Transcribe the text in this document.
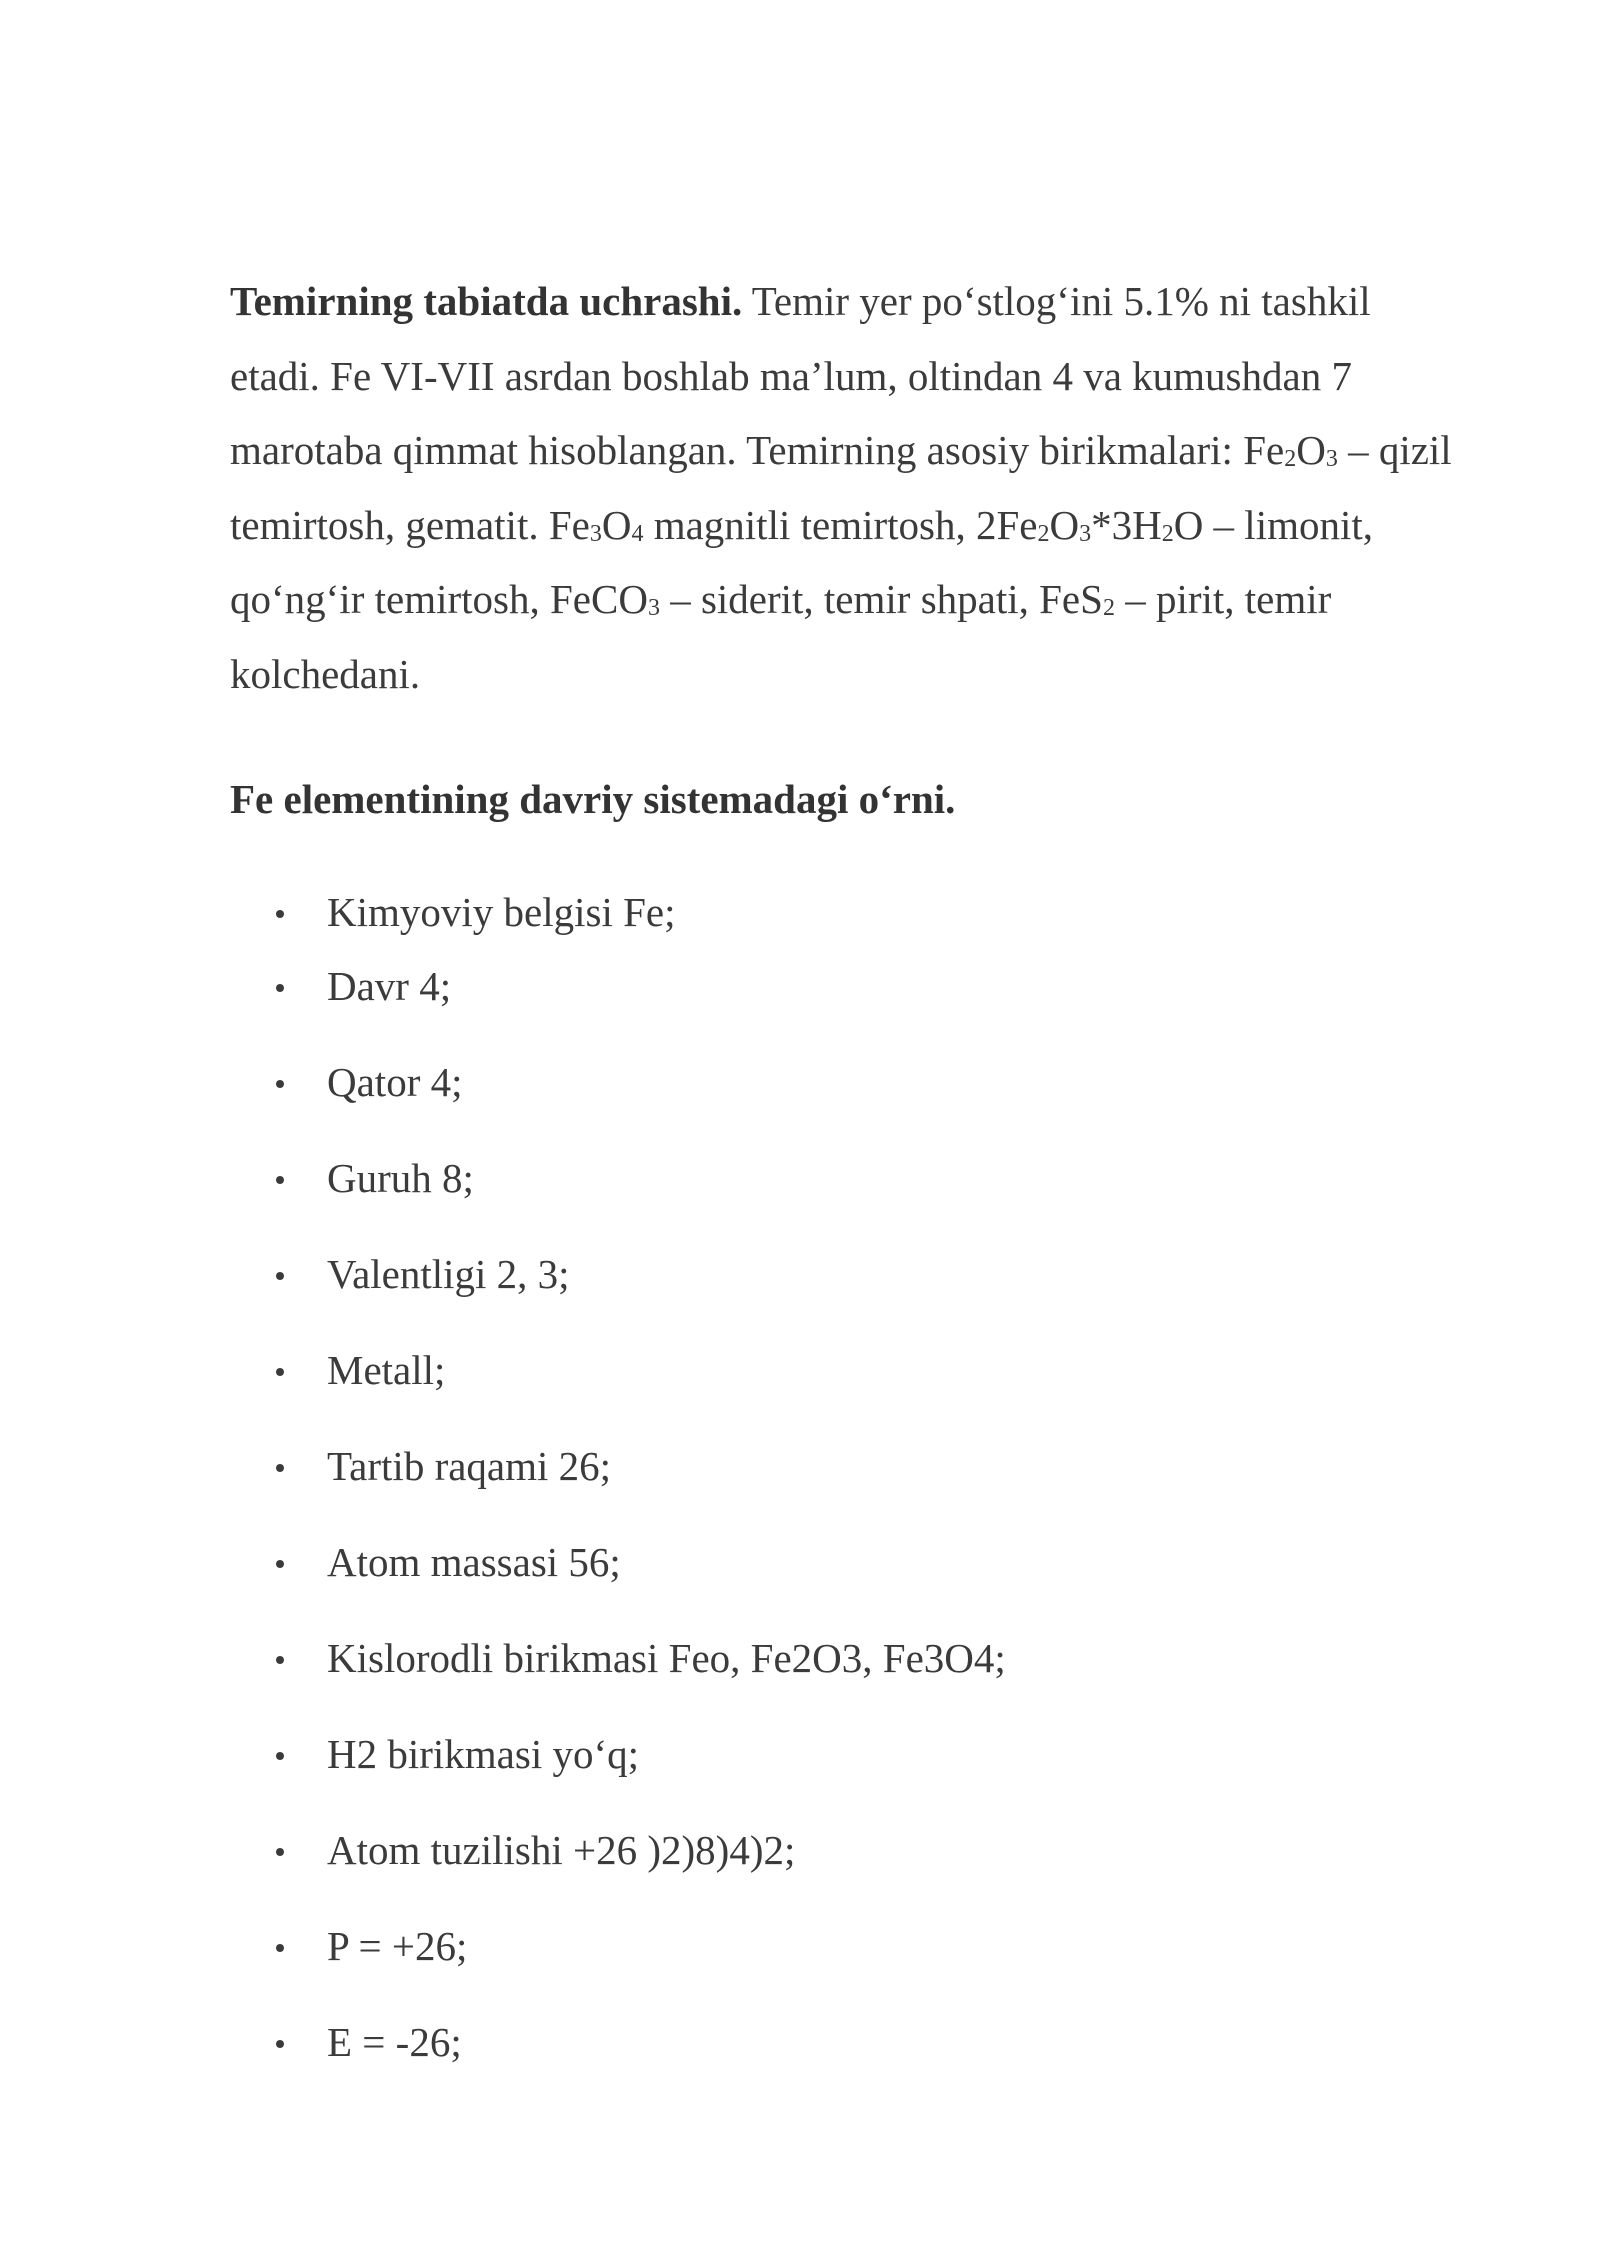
Temirning tabiatda uchrashi. Temir yer po‘stlog‘ini 5.1% ni tashkil etadi. Fe VI-VII asrdan boshlab ma’lum, oltindan 4 va kumushdan 7 marotaba qimmat hisoblangan. Temirning asosiy birikmalari: $Fe_2O_3$ – qizil temirtosh, gematit. $Fe_3O_4$ magnitli temirtosh, $2Fe_2O_3*3H_2O$ – limonit, qo‘ng‘ir temirtosh, FeCO$_3$ – siderit, temir shpati, FeS$_2$ – pirit, temir kolchedani.

Fe elementining davriy sistemadagi o‘rni.
Kimyoviy belgisi Fe;
Davr 4;
Qator 4;
Guruh 8;
Valentligi 2, 3;
Metall;
Tartib raqami 26;
Atom massasi 56;
Kislorodli birikmasi Feo, Fe2O3, Fe3O4;
H2 birikmasi yo‘q;
Atom tuzilishi +26 )2)8)4)2;
P = +26;
E = -26;
